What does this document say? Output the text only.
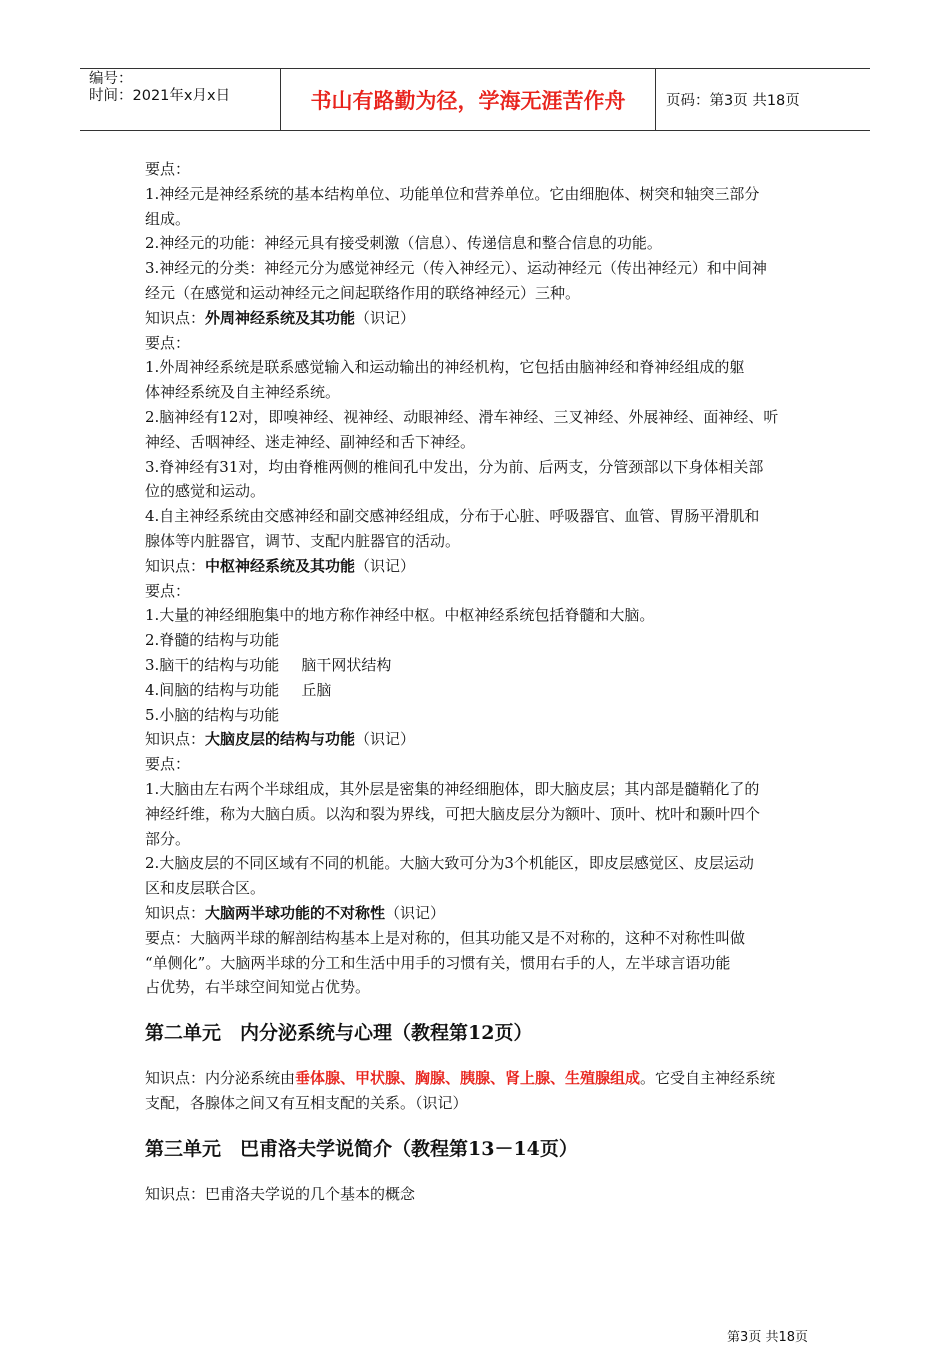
编号：
时间：2021年x月x日	书山有路勤为径，学海无涯苦作舟	页码：第3页 共18页
要点：
1.神经元是神经系统的基本结构单位、功能单位和营养单位。它由细胞体、树突和轴突三部分
组成。
2.神经元的功能：神经元具有接受刺激（信息）、传递信息和整合信息的功能。
3.神经元的分类：神经元分为感觉神经元（传入神经元）、运动神经元（传出神经元）和中间神
经元（在感觉和运动神经元之间起联络作用的联络神经元）三种。
知识点：外周神经系统及其功能（识记）
要点：
1.外周神经系统是联系感觉输入和运动输出的神经机构，它包括由脑神经和脊神经组成的躯
体神经系统及自主神经系统。
2.脑神经有12对，即嗅神经、视神经、动眼神经、滑车神经、三叉神经、外展神经、面神经、听
神经、舌咽神经、迷走神经、副神经和舌下神经。
3.脊神经有31对，均由脊椎两侧的椎间孔中发出，分为前、后两支，分管颈部以下身体相关部
位的感觉和运动。
4.自主神经系统由交感神经和副交感神经组成，分布于心脏、呼吸器官、血管、胃肠平滑肌和
腺体等内脏器官，调节、支配内脏器官的活动。
知识点：中枢神经系统及其功能（识记）
要点：
1.大量的神经细胞集中的地方称作神经中枢。中枢神经系统包括脊髓和大脑。
2.脊髓的结构与功能
3.脑干的结构与功能 脑干网状结构
4.间脑的结构与功能 丘脑
5.小脑的结构与功能
知识点：大脑皮层的结构与功能（识记）
要点：
1.大脑由左右两个半球组成，其外层是密集的神经细胞体，即大脑皮层；其内部是髓鞘化了的
神经纤维，称为大脑白质。以沟和裂为界线，可把大脑皮层分为额叶、顶叶、枕叶和颞叶四个
部分。
2.大脑皮层的不同区域有不同的机能。大脑大致可分为3个机能区，即皮层感觉区、皮层运动
区和皮层联合区。
知识点：大脑两半球功能的不对称性（识记）
要点：大脑两半球的解剖结构基本上是对称的，但其功能又是不对称的，这种不对称性叫做
“单侧化”。大脑两半球的分工和生活中用手的习惯有关，惯用右手的人，左半球言语功能
占优势，右半球空间知觉占优势。
第二单元　内分泌系统与心理（教程第12页）
知识点：内分泌系统由垂体腺、甲状腺、胸腺、胰腺、肾上腺、生殖腺组成。它受自主神经系统
支配，各腺体之间又有互相支配的关系。（识记）
第三单元　巴甫洛夫学说简介（教程第13－14页）
知识点：巴甫洛夫学说的几个基本的概念
第3页 共18页
